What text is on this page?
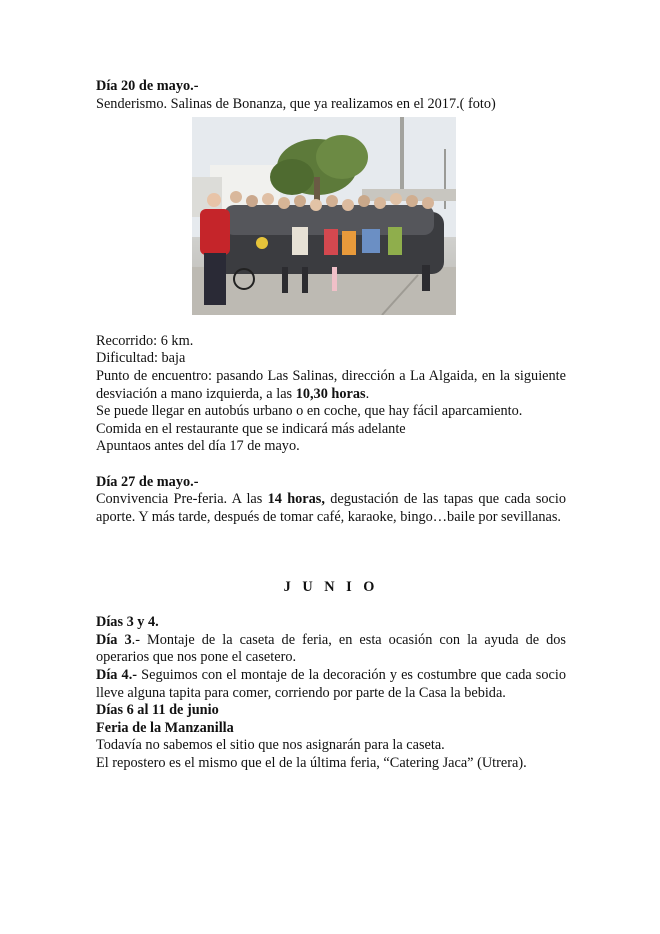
Día 20 de mayo.-

Senderismo. Salinas de Bonanza, que ya realizamos en el 2017.( foto)

Recorrido: 6 km.

Dificultad: baja

Punto de encuentro: pasando Las Salinas, dirección a La Algaida, en la siguiente desviación a mano izquierda, a las 10,30 horas.

Se puede llegar en autobús urbano o en coche, que hay fácil aparcamiento.

Comida en el restaurante que se indicará más adelante

Apuntaos antes del día 17 de mayo.

Día 27 de mayo.-

Convivencia Pre-feria. A las 14 horas, degustación de las tapas que cada socio aporte. Y más tarde, después de tomar café, karaoke, bingo…baile por sevillanas.

J U N I O

Días 3 y 4.

Día 3.- Montaje de la caseta de feria, en esta ocasión con la ayuda de dos operarios que nos pone el casetero.

Día 4.- Seguimos con el montaje de la decoración y es costumbre que cada socio lleve alguna tapita para comer, corriendo por parte de la Casa la bebida.

Días 6 al 11 de junio

Feria de la Manzanilla

Todavía no sabemos el sitio que nos asignarán para la caseta.

El repostero es el mismo que el de la última feria, “Catering Jaca” (Utrera).
